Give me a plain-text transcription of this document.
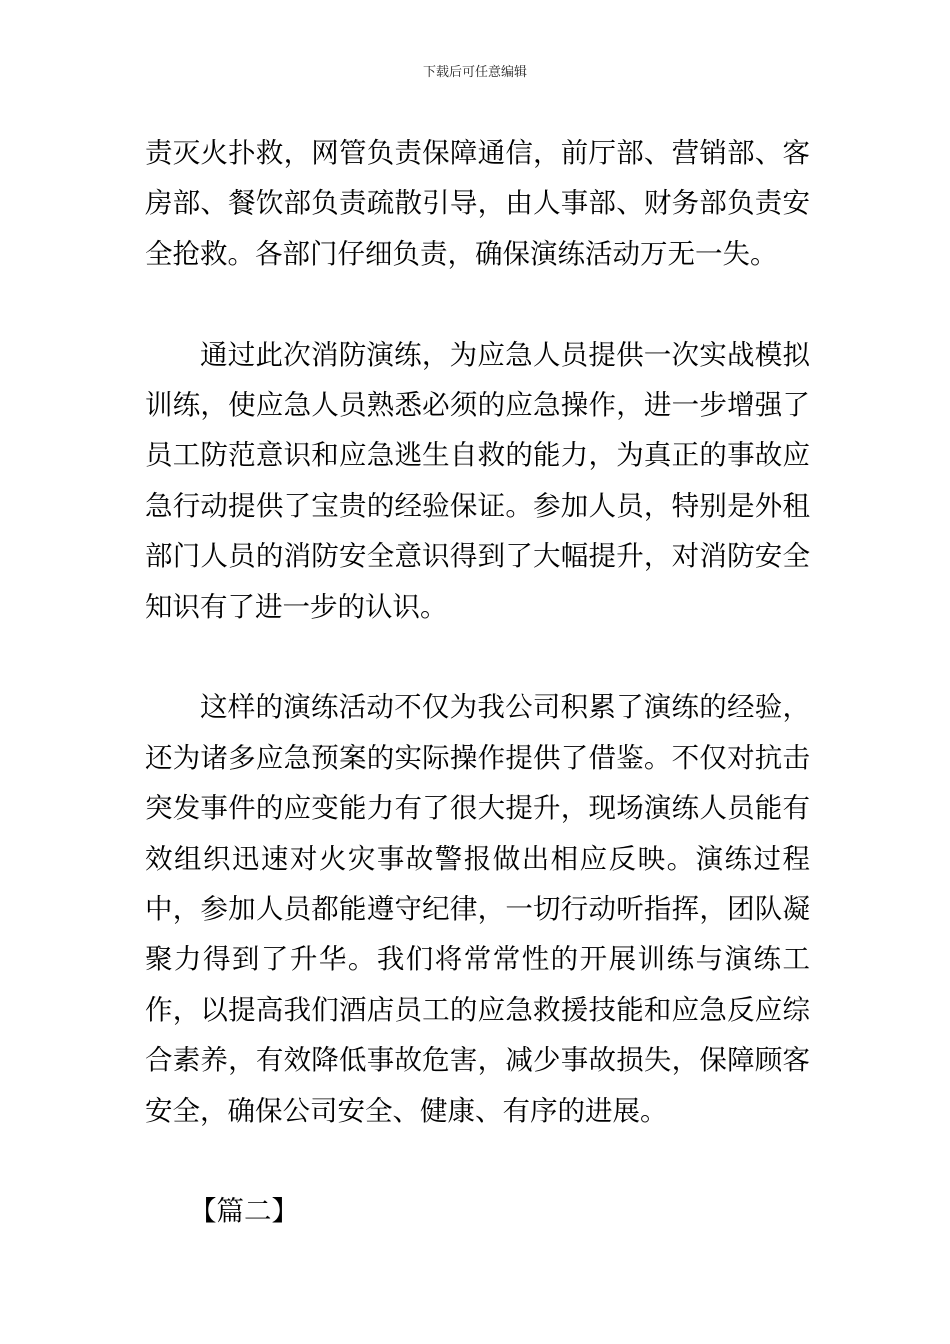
下载后可任意编辑

责灭火扑救，网管负责保障通信，前厅部、营销部、客房部、餐饮部负责疏散引导，由人事部、财务部负责安全抢救。各部门仔细负责，确保演练活动万无一失。

通过此次消防演练，为应急人员提供一次实战模拟训练，使应急人员熟悉必须的应急操作，进一步增强了员工防范意识和应急逃生自救的能力，为真正的事故应急行动提供了宝贵的经验保证。参加人员，特别是外租部门人员的消防安全意识得到了大幅提升，对消防安全知识有了进一步的认识。

这样的演练活动不仅为我公司积累了演练的经验，还为诸多应急预案的实际操作提供了借鉴。不仅对抗击突发事件的应变能力有了很大提升，现场演练人员能有效组织迅速对火灾事故警报做出相应反映。演练过程中，参加人员都能遵守纪律，一切行动听指挥，团队凝聚力得到了升华。我们将常常性的开展训练与演练工作，以提高我们酒店员工的应急救援技能和应急反应综合素养，有效降低事故危害，减少事故损失，保障顾客安全，确保公司安全、健康、有序的进展。

【篇二】
